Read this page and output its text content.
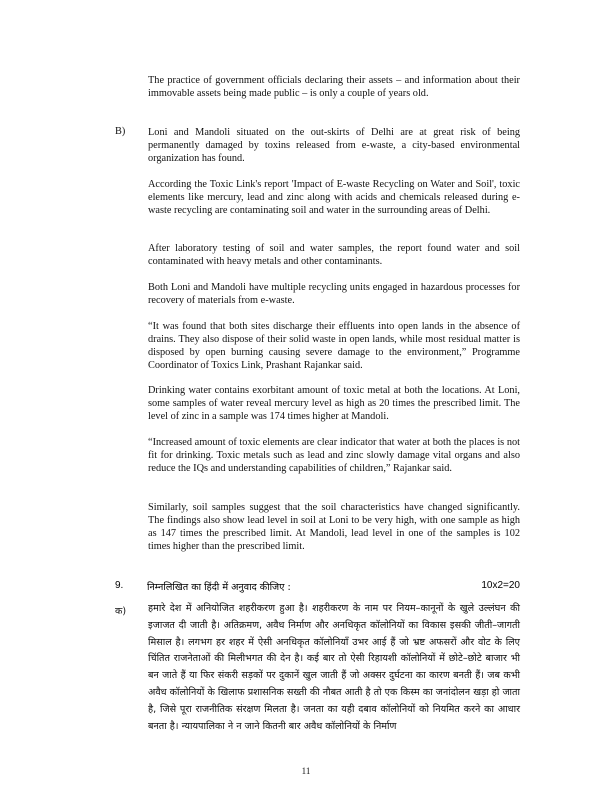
The practice of government officials declaring their assets – and information about their immovable assets being made public – is only a couple of years old.

B) Loni and Mandoli situated on the out-skirts of Delhi are at great risk of being permanently damaged by toxins released from e-waste, a city-based environmental organization has found.

According the Toxic Link's report 'Impact of E-waste Recycling on Water and Soil', toxic elements like mercury, lead and zinc along with acids and chemicals released during e-waste recycling are contaminating soil and water in the surrounding areas of Delhi.

After laboratory testing of soil and water samples, the report found water and soil contaminated with heavy metals and other contaminants.

Both Loni and Mandoli have multiple recycling units engaged in hazardous processes for recovery of materials from e-waste.

“It was found that both sites discharge their effluents into open lands in the absence of drains. They also dispose of their solid waste in open lands, while most residual matter is disposed by open burning causing severe damage to the environment,” Programme Coordinator of Toxics Link, Prashant Rajankar said.

Drinking water contains exorbitant amount of toxic metal at both the locations. At Loni, some samples of water reveal mercury level as high as 20 times the prescribed limit. The level of zinc in a sample was 174 times higher at Mandoli.

“Increased amount of toxic elements are clear indicator that water at both the places is not fit for drinking. Toxic metals such as lead and zinc slowly damage vital organs and also reduce the IQs and understanding capabilities of children,” Rajankar said.

Similarly, soil samples suggest that the soil characteristics have changed significantly. The findings also show lead level in soil at Loni to be very high, with one sample as high as 147 times the prescribed limit. At Mandoli, lead level in one of the samples is 102 times higher than the prescribed limit.

9. निम्नलिखित का हिंदी में अनुवाद कीजिए :	10x2=20
क) हमारे देश में अनियोजित शहरीकरण हुआ है। शहरीकरण के नाम पर नियम–कानूनों के खुले उल्लंघन की इजाजत दी जाती है। अतिक्रमण, अवैध निर्माण और अनधिकृत कॉलोनियों का विकास इसकी जीती–जागती मिसाल है। लगभग हर शहर में ऐसी अनधिकृत कॉलोनियाँ उभर आई हैं जो भ्रष्ट अफसरों और वोट के लिए चिंतित राजनेताओं की मिलीभगत की देन है। कई बार तो ऐसी रिहायशी कॉलोनियों में छोटे–छोटे बाजार भी बन जाते हैं या फिर संकरी सड़कों पर दुकानें खुल जाती हैं जो अक्सर दुर्घटना का कारण बनती हैं। जब कभी अवैध कॉलोनियों के खिलाफ प्रशासनिक सख्ती की नौबत आती है तो एक किस्म का जनांदोलन खड़ा हो जाता है, जिसे पूरा राजनीतिक संरक्षण मिलता है। जनता का यही दबाव कॉलोनियों को नियमित करने का आधार बनता है। न्यायपालिका ने न जाने कितनी बार अवैध कॉलोनियों के निर्माण

11
